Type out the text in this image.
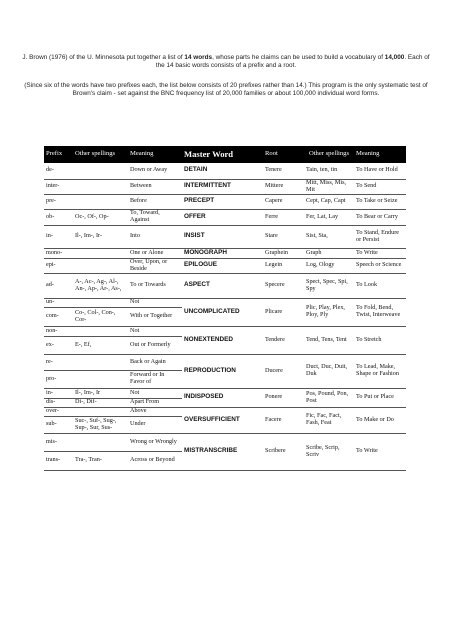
J. Brown (1976) of the U. Minnesota put together a list of 14 words, whose parts he claims can be used to build a vocabulary of 14,000. Each of the 14 basic words consists of a prefix and a root.

(Since six of the words have two prefixes each, the list below consists of 20 prefixes rather than 14.) This program is the only systematic test of Brown's claim - set against the BNC frequency list of 20,000 families or about 100,000 individual word forms.

Prefix	Other spellings	Meaning	Master Word	Root	Other spellings	Meaning
de-		Down or Away	DETAIN	Tenere	Tain, ten, tin	To Have or Hold
inter-		Between	INTERMITTENT	Mittere	Mitt, Miss, Mis, Mit	To Send
pre-		Before	PRECEPT	Capere	Cept, Cap, Capt	To Take or Seize
ob-	Oc-, Of-, Op-	To, Toward, Against	OFFER	Ferre	Fer, Lat, Lay	To Bear or Carry
in-	Il-, Im-, Ir-	Into	INSIST	Stare	Sist, Sta,	To Stand, Endure or Persist
mono-		One or Alone	MONOGRAPH	Graphein	Graph	To Write
epi-		Over, Upon, or Beside	EPILOGUE	Legein	Log, Ology	Speech or Science
ad-	A-, Ac-, Ag-, Al-, An-, Ap-, Ar-, As-,	To or Towards	ASPECT	Specere	Spect, Spec, Spi, Spy	To Look
un-		Not	UNCOMPLICATED	Plicare	Plic, Play, Plex, Ploy, Ply	To Fold, Bend, Twist, Interweave
com-	Co-, Col-, Con-, Cor-	With or Together				
non-		Not	NONEXTENDED	Tendere	Tend, Tens, Tent	To Stretch
ex-	E-, Ef,	Out or Formerly				
re-		Back or Again	REPRODUCTION	Ducere	Duct, Duc, Duit, Duk	To Lead, Make, Shape or Fashion
pro-		Forward or In Favor of				
in-	Il-, Im-, Ir	Not	INDISPOSED	Ponere	Pos, Pound, Pon, Post	To Put or Place
dis-	Di-, Dif-	Apart From				
over-		Above	OVERSUFFICIENT	Facere	Fic, Fac, Fact, Fash, Feat	To Make or Do
sub-	Suc-, Suf-, Sug-, Sup-, Sur, Sus-	Under				
mis-		Wrong or Wrongly	MISTRANSCRIBE	Scribere	Scribe, Scrip, Scriv	To Write
trans-	Tra-, Tran-	Across or Beyond				
